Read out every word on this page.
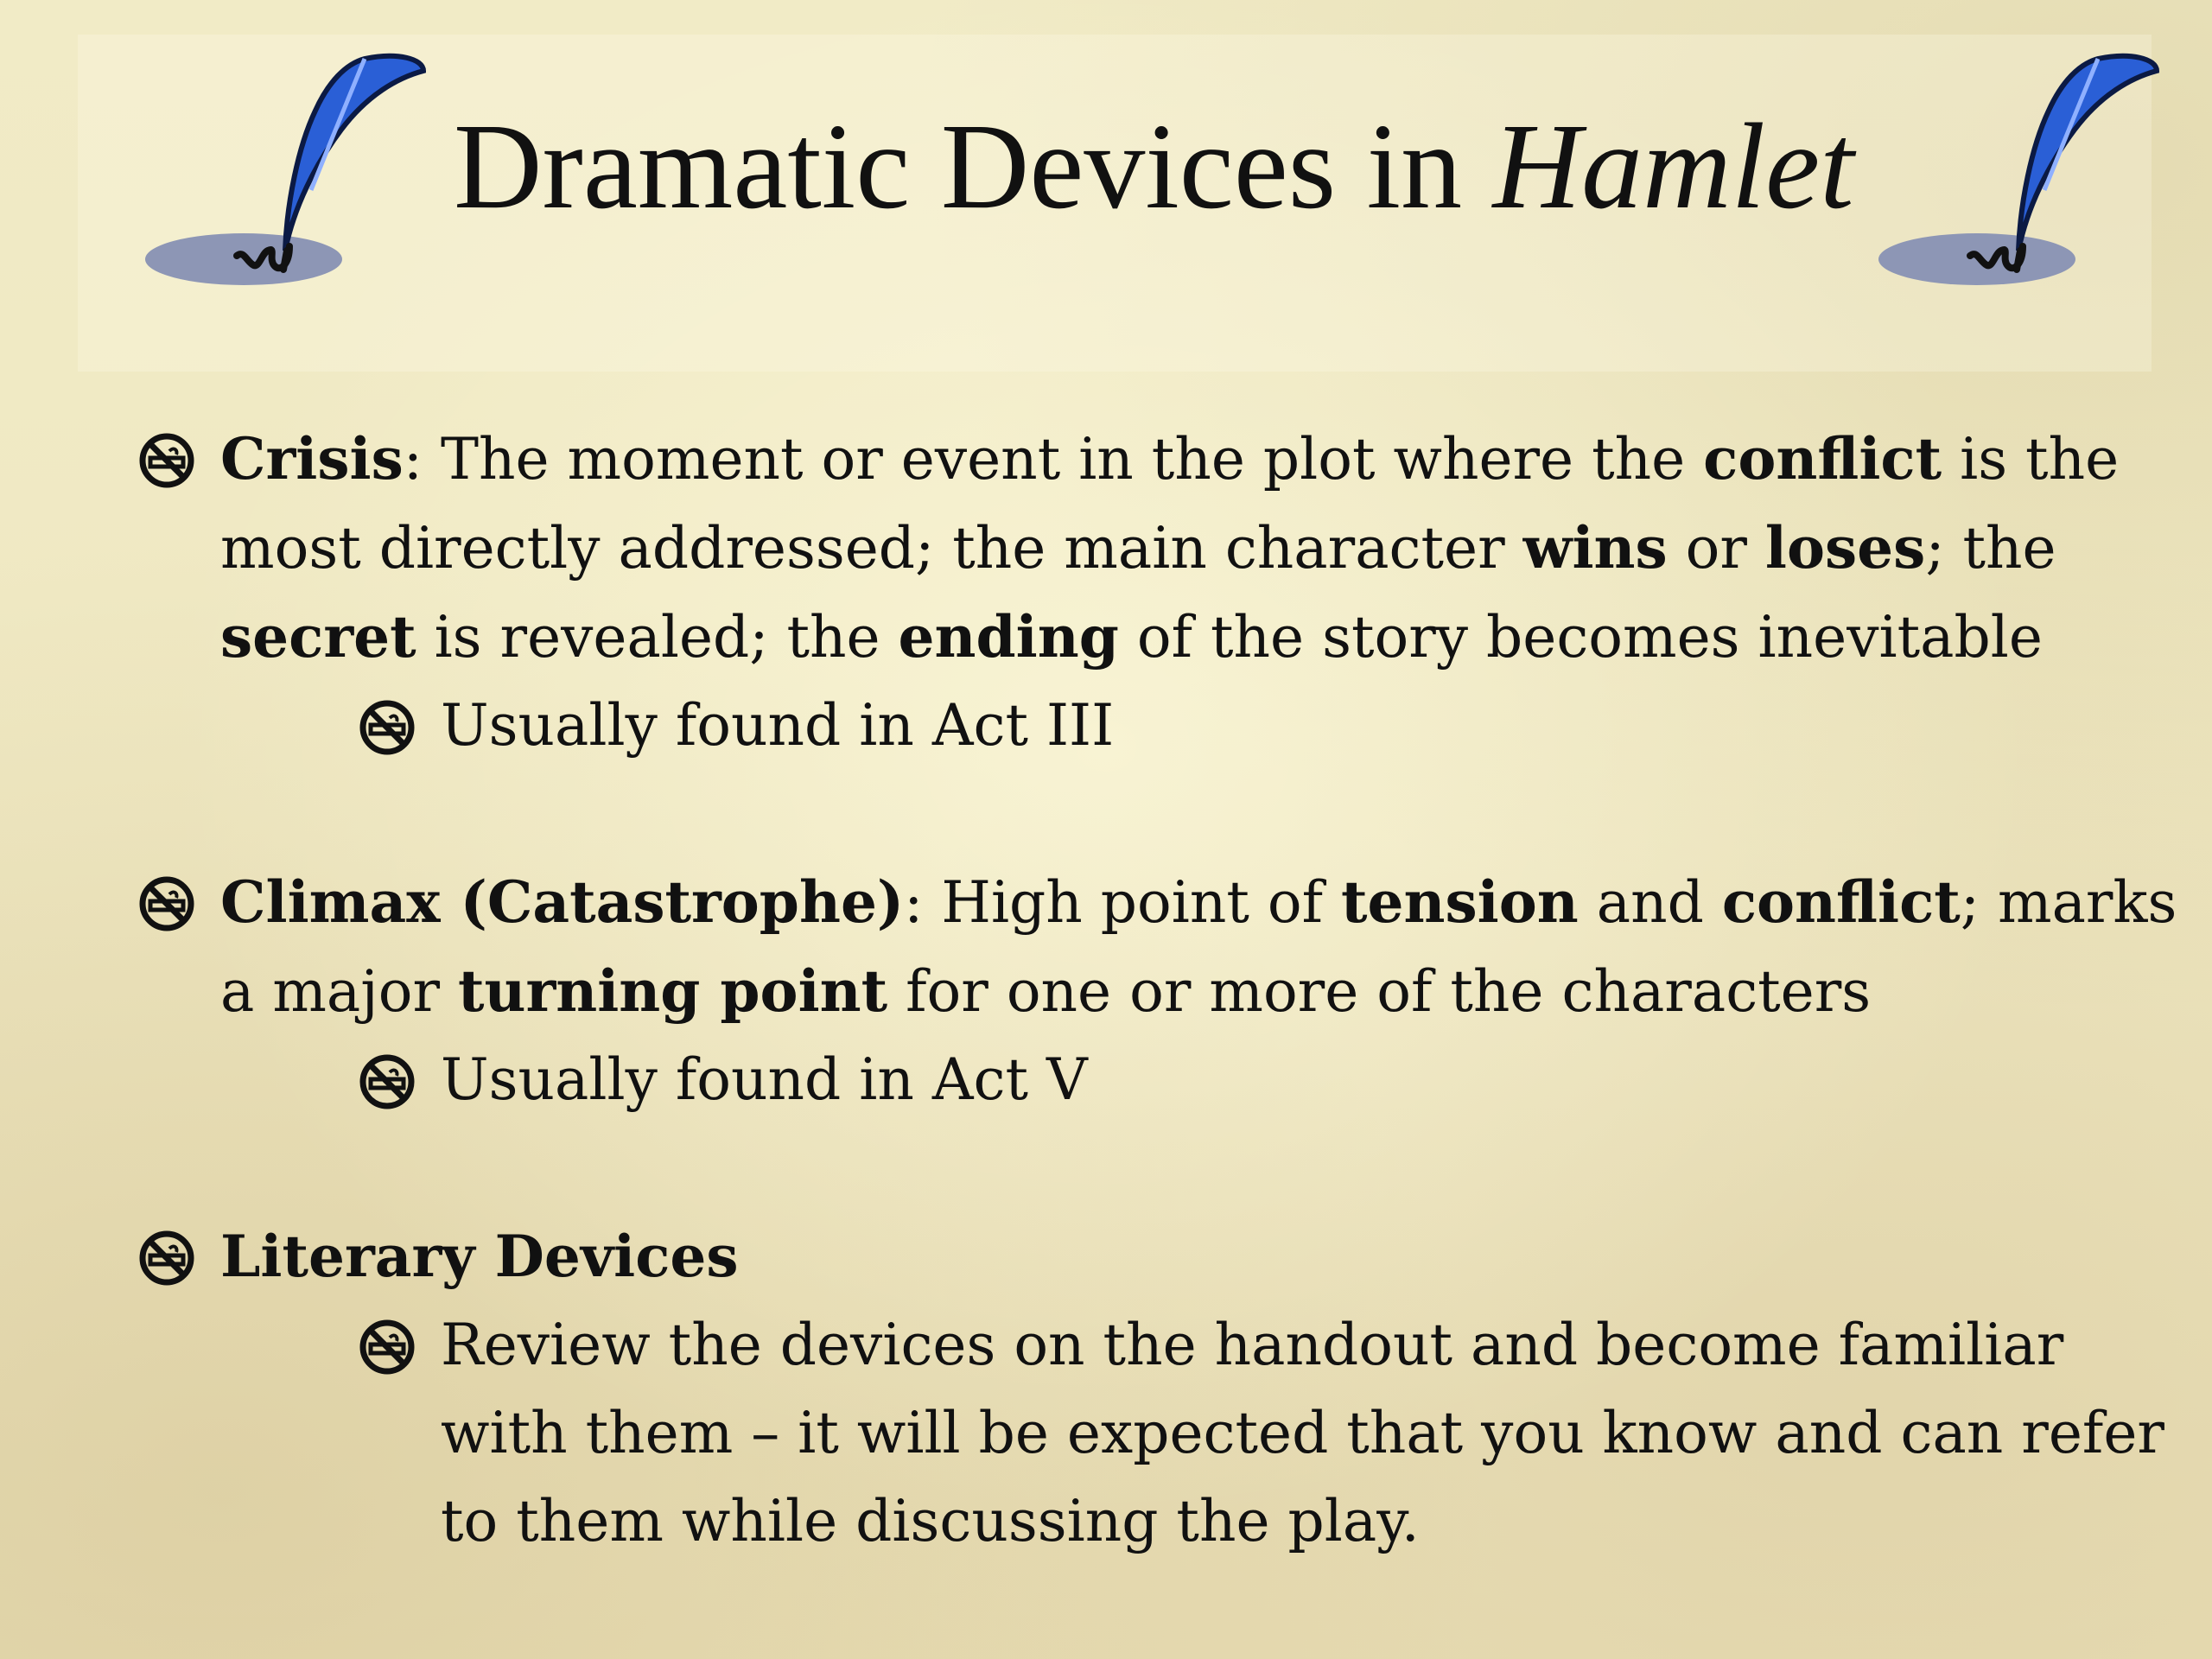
Dramatic Devices in Hamlet

Crisis: The moment or event in the plot where the conflict is the most directly addressed; the main character wins or loses; the secret is revealed; the ending of the story becomes inevitable

Usually found in Act III

Climax (Catastrophe): High point of tension and conflict; marks a major turning point for one or more of the characters

Usually found in Act V

Literary Devices

Review the devices on the handout and become familiar with them – it will be expected that you know and can refer to them while discussing the play.
